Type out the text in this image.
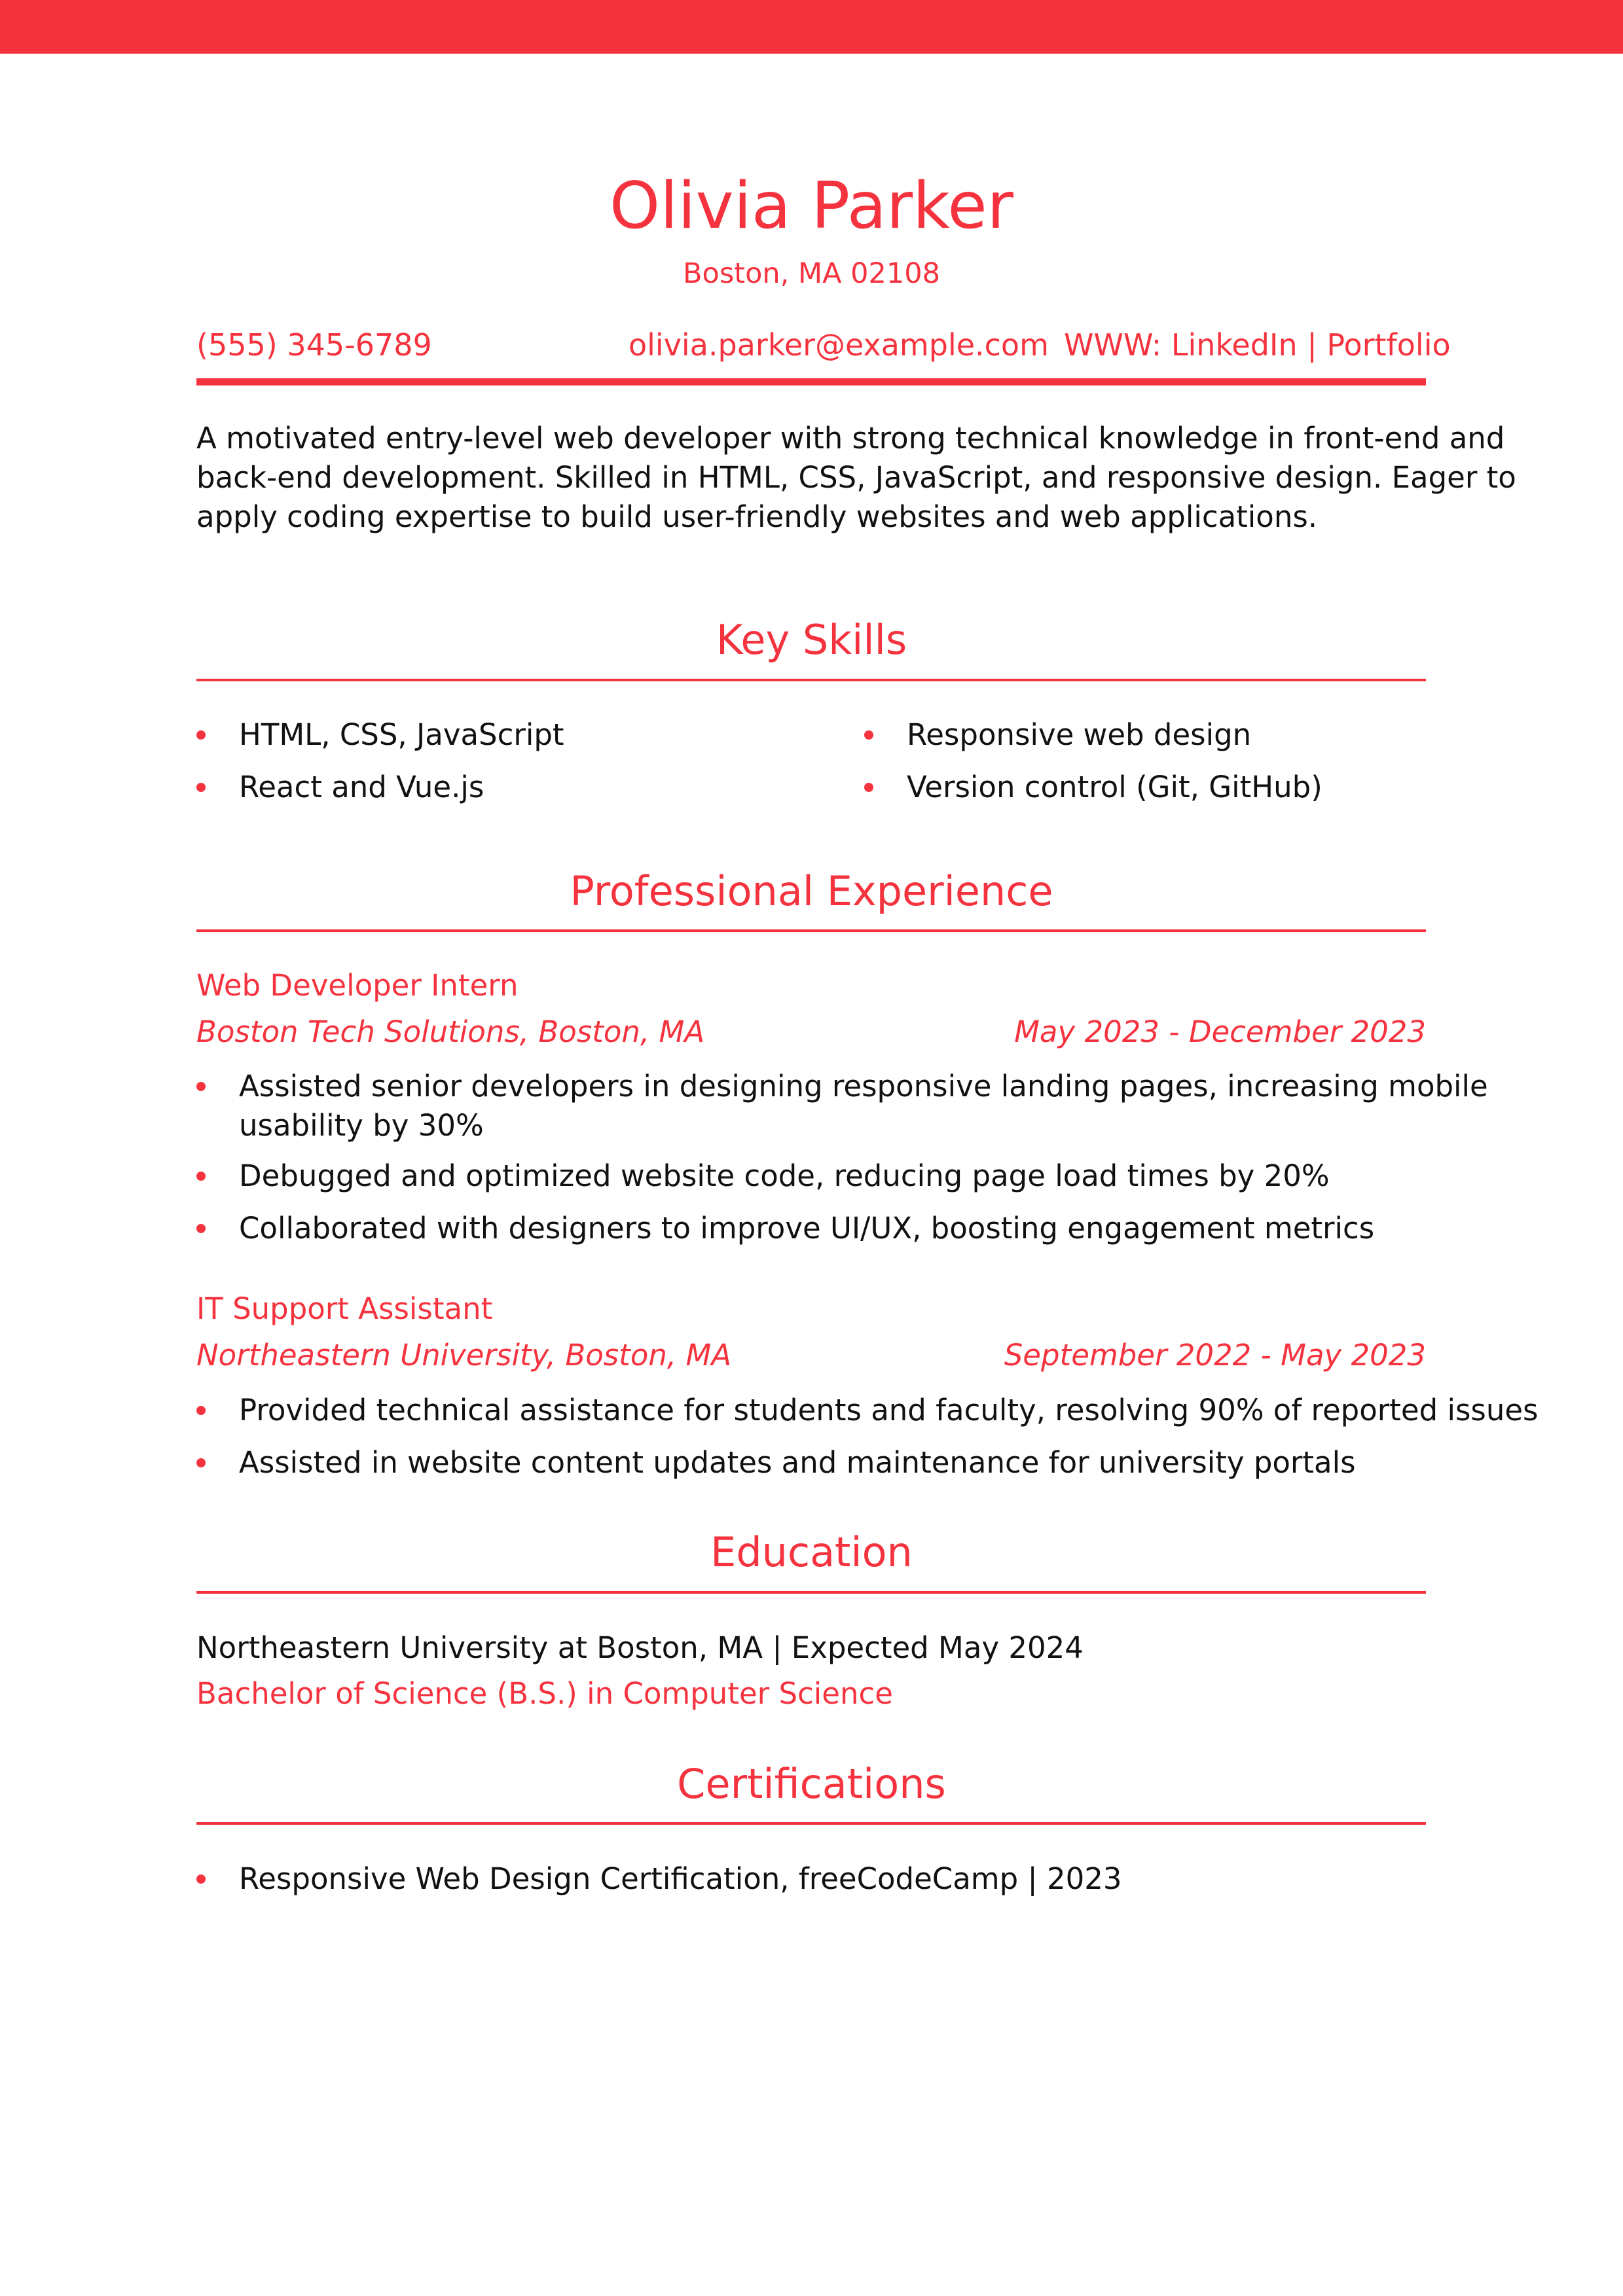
Olivia Parker
Boston, MA 02108
(555) 345-6789	olivia.parker@example.com WWW: LinkedIn | Portfolio
A motivated entry-level web developer with strong technical knowledge in front-end and
back-end development. Skilled in HTML, CSS, JavaScript, and responsive design. Eager to
apply coding expertise to build user-friendly websites and web applications.
Key Skills
HTML, CSS, JavaScript	Responsive web design
React and Vue.js	Version control (Git, GitHub)
Professional Experience
Web Developer Intern
Boston Tech Solutions, Boston, MA	May 2023 - December 2023
Assisted senior developers in designing responsive landing pages, increasing mobile
usability by 30%
Debugged and optimized website code, reducing page load times by 20%
Collaborated with designers to improve UI/UX, boosting engagement metrics
IT Support Assistant
Northeastern University, Boston, MA	September 2022 - May 2023
Provided technical assistance for students and faculty, resolving 90% of reported issues
Assisted in website content updates and maintenance for university portals
Education
Northeastern University at Boston, MA | Expected May 2024
Bachelor of Science (B.S.) in Computer Science
Certifications
Responsive Web Design Certification, freeCodeCamp | 2023
